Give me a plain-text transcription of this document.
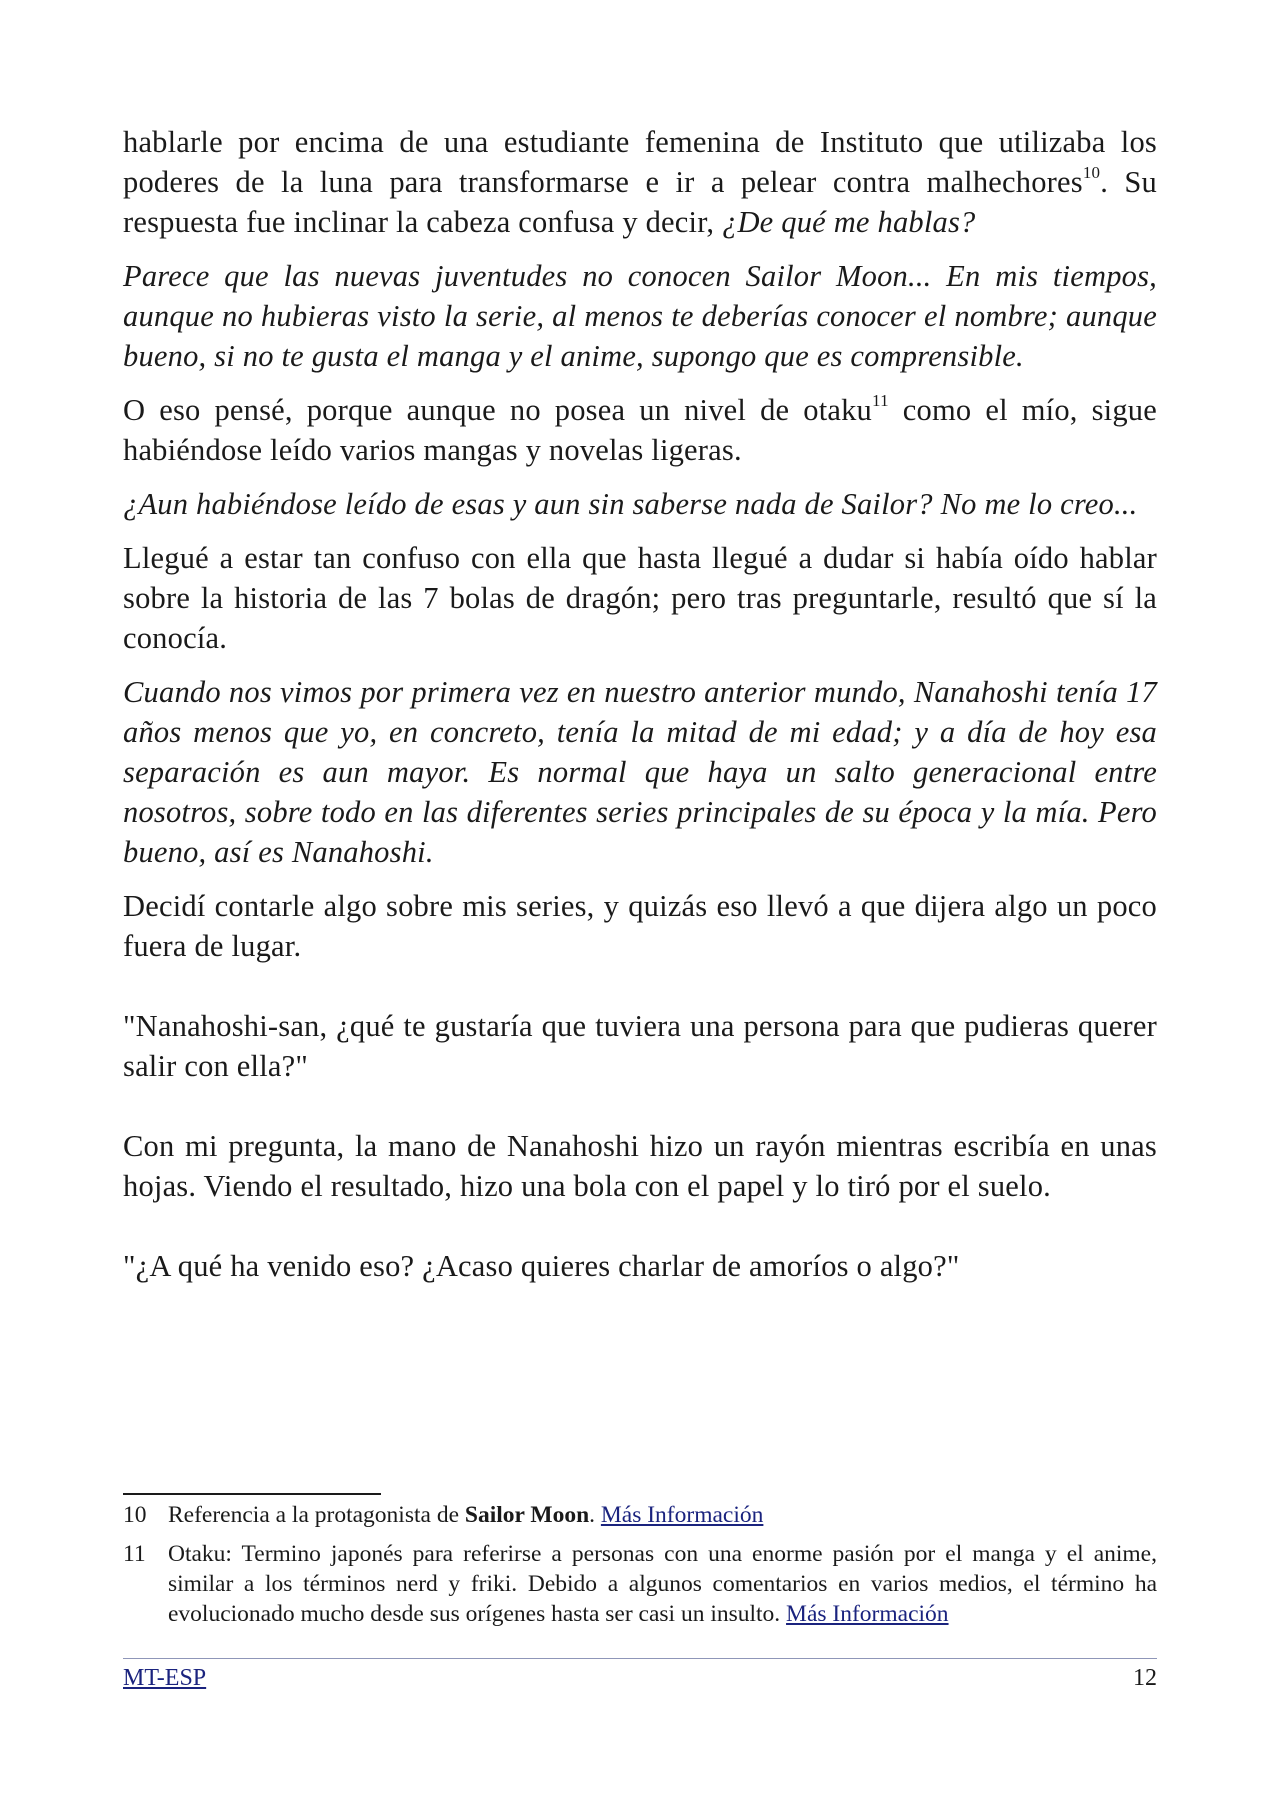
hablarle por encima de una estudiante femenina de Instituto que utilizaba los poderes de la luna para transformarse e ir a pelear contra malhechores$^{10}$. Su respuesta fue inclinar la cabeza confusa y decir, ¿De qué me hablas?

Parece que las nuevas juventudes no conocen Sailor Moon... En mis tiempos, aunque no hubieras visto la serie, al menos te deberías conocer el nombre; aunque bueno, si no te gusta el manga y el anime, supongo que es comprensible.

O eso pensé, porque aunque no posea un nivel de otaku$^{11}$ como el mío, sigue habiéndose leído varios mangas y novelas ligeras.

¿Aun habiéndose leído de esas y aun sin saberse nada de Sailor? No me lo creo...

Llegué a estar tan confuso con ella que hasta llegué a dudar si había oído hablar sobre la historia de las 7 bolas de dragón; pero tras preguntarle, resultó que sí la conocía.

Cuando nos vimos por primera vez en nuestro anterior mundo, Nanahoshi tenía 17 años menos que yo, en concreto, tenía la mitad de mi edad; y a día de hoy esa separación es aun mayor. Es normal que haya un salto generacional entre nosotros, sobre todo en las diferentes series principales de su época y la mía. Pero bueno, así es Nanahoshi.

Decidí contarle algo sobre mis series, y quizás eso llevó a que dijera algo un poco fuera de lugar.

"Nanahoshi-san, ¿qué te gustaría que tuviera una persona para que pudieras querer salir con ella?"

Con mi pregunta, la mano de Nanahoshi hizo un rayón mientras escribía en unas hojas. Viendo el resultado, hizo una bola con el papel y lo tiró por el suelo.

"¿A qué ha venido eso? ¿Acaso quieres charlar de amoríos o algo?"

10 Referencia a la protagonista de Sailor Moon. Más Información
11 Otaku: Termino japonés para referirse a personas con una enorme pasión por el manga y el anime, similar a los términos nerd y friki. Debido a algunos comentarios en varios medios, el término ha evolucionado mucho desde sus orígenes hasta ser casi un insulto. Más Información
MT-ESP	12
